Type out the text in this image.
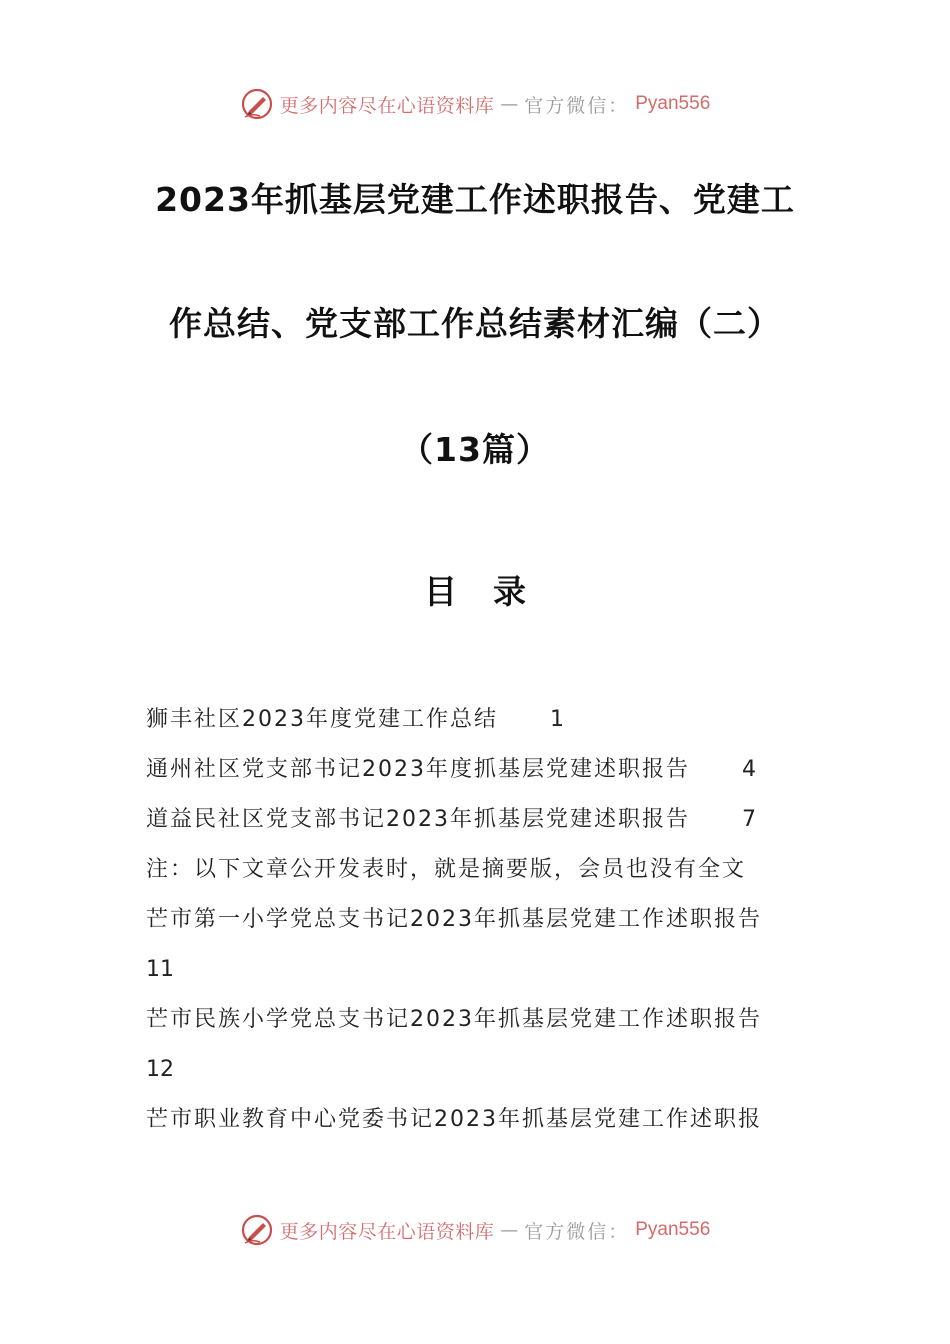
更多内容尽在心语资料库 — 官方微信： Pyan556
2023年抓基层党建工作述职报告、党建工
作总结、党支部工作总结素材汇编（二）
（13篇）
目录
狮丰社区2023年度党建工作总结 1
通州社区党支部书记2023年度抓基层党建述职报告 4
道益民社区党支部书记2023年抓基层党建述职报告 7
注：以下文章公开发表时，就是摘要版，会员也没有全文
芒市第一小学党总支书记2023年抓基层党建工作述职报告
11
芒市民族小学党总支书记2023年抓基层党建工作述职报告
12
芒市职业教育中心党委书记2023年抓基层党建工作述职报
更多内容尽在心语资料库 — 官方微信： Pyan556
